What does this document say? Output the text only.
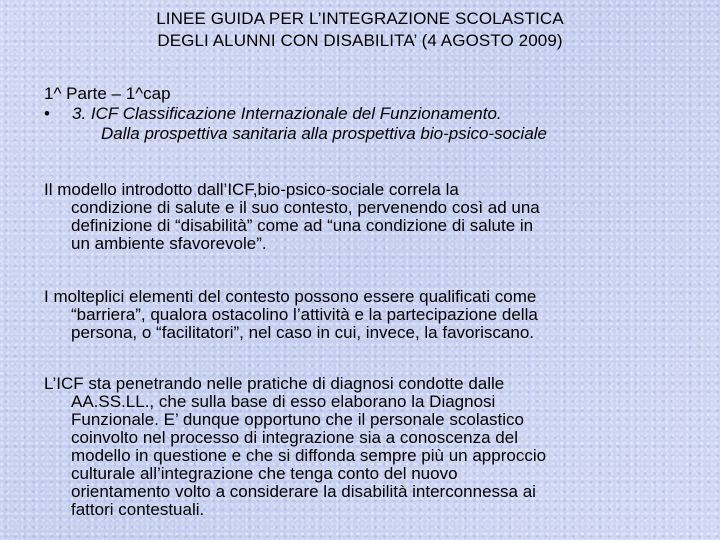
LINEE GUIDA PER L’INTEGRAZIONE SCOLASTICA
DEGLI ALUNNI CON DISABILITA’ (4 AGOSTO 2009)
1^ Parte – 1^cap
•	3. ICF Classificazione Internazionale del Funzionamento.
Dalla prospettiva sanitaria alla prospettiva bio-psico-sociale
Il modello introdotto dall’ICF,bio-psico-sociale correla la
condizione di salute e il suo contesto, pervenendo così ad una
definizione di “disabilità” come ad “una condizione di salute in
un ambiente sfavorevole”.
I molteplici elementi del contesto possono essere qualificati come
“barriera”, qualora ostacolino l’attività e la partecipazione della
persona, o “facilitatori”, nel caso in cui, invece, la favoriscano.
L’ICF sta penetrando nelle pratiche di diagnosi condotte dalle
AA.SS.LL., che sulla base di esso elaborano la Diagnosi
Funzionale. E’ dunque opportuno che il personale scolastico
coinvolto nel processo di integrazione sia a conoscenza del
modello in questione e che si diffonda sempre più un approccio
culturale all’integrazione che tenga conto del nuovo
orientamento volto a considerare la disabilità interconnessa ai
fattori contestuali.
